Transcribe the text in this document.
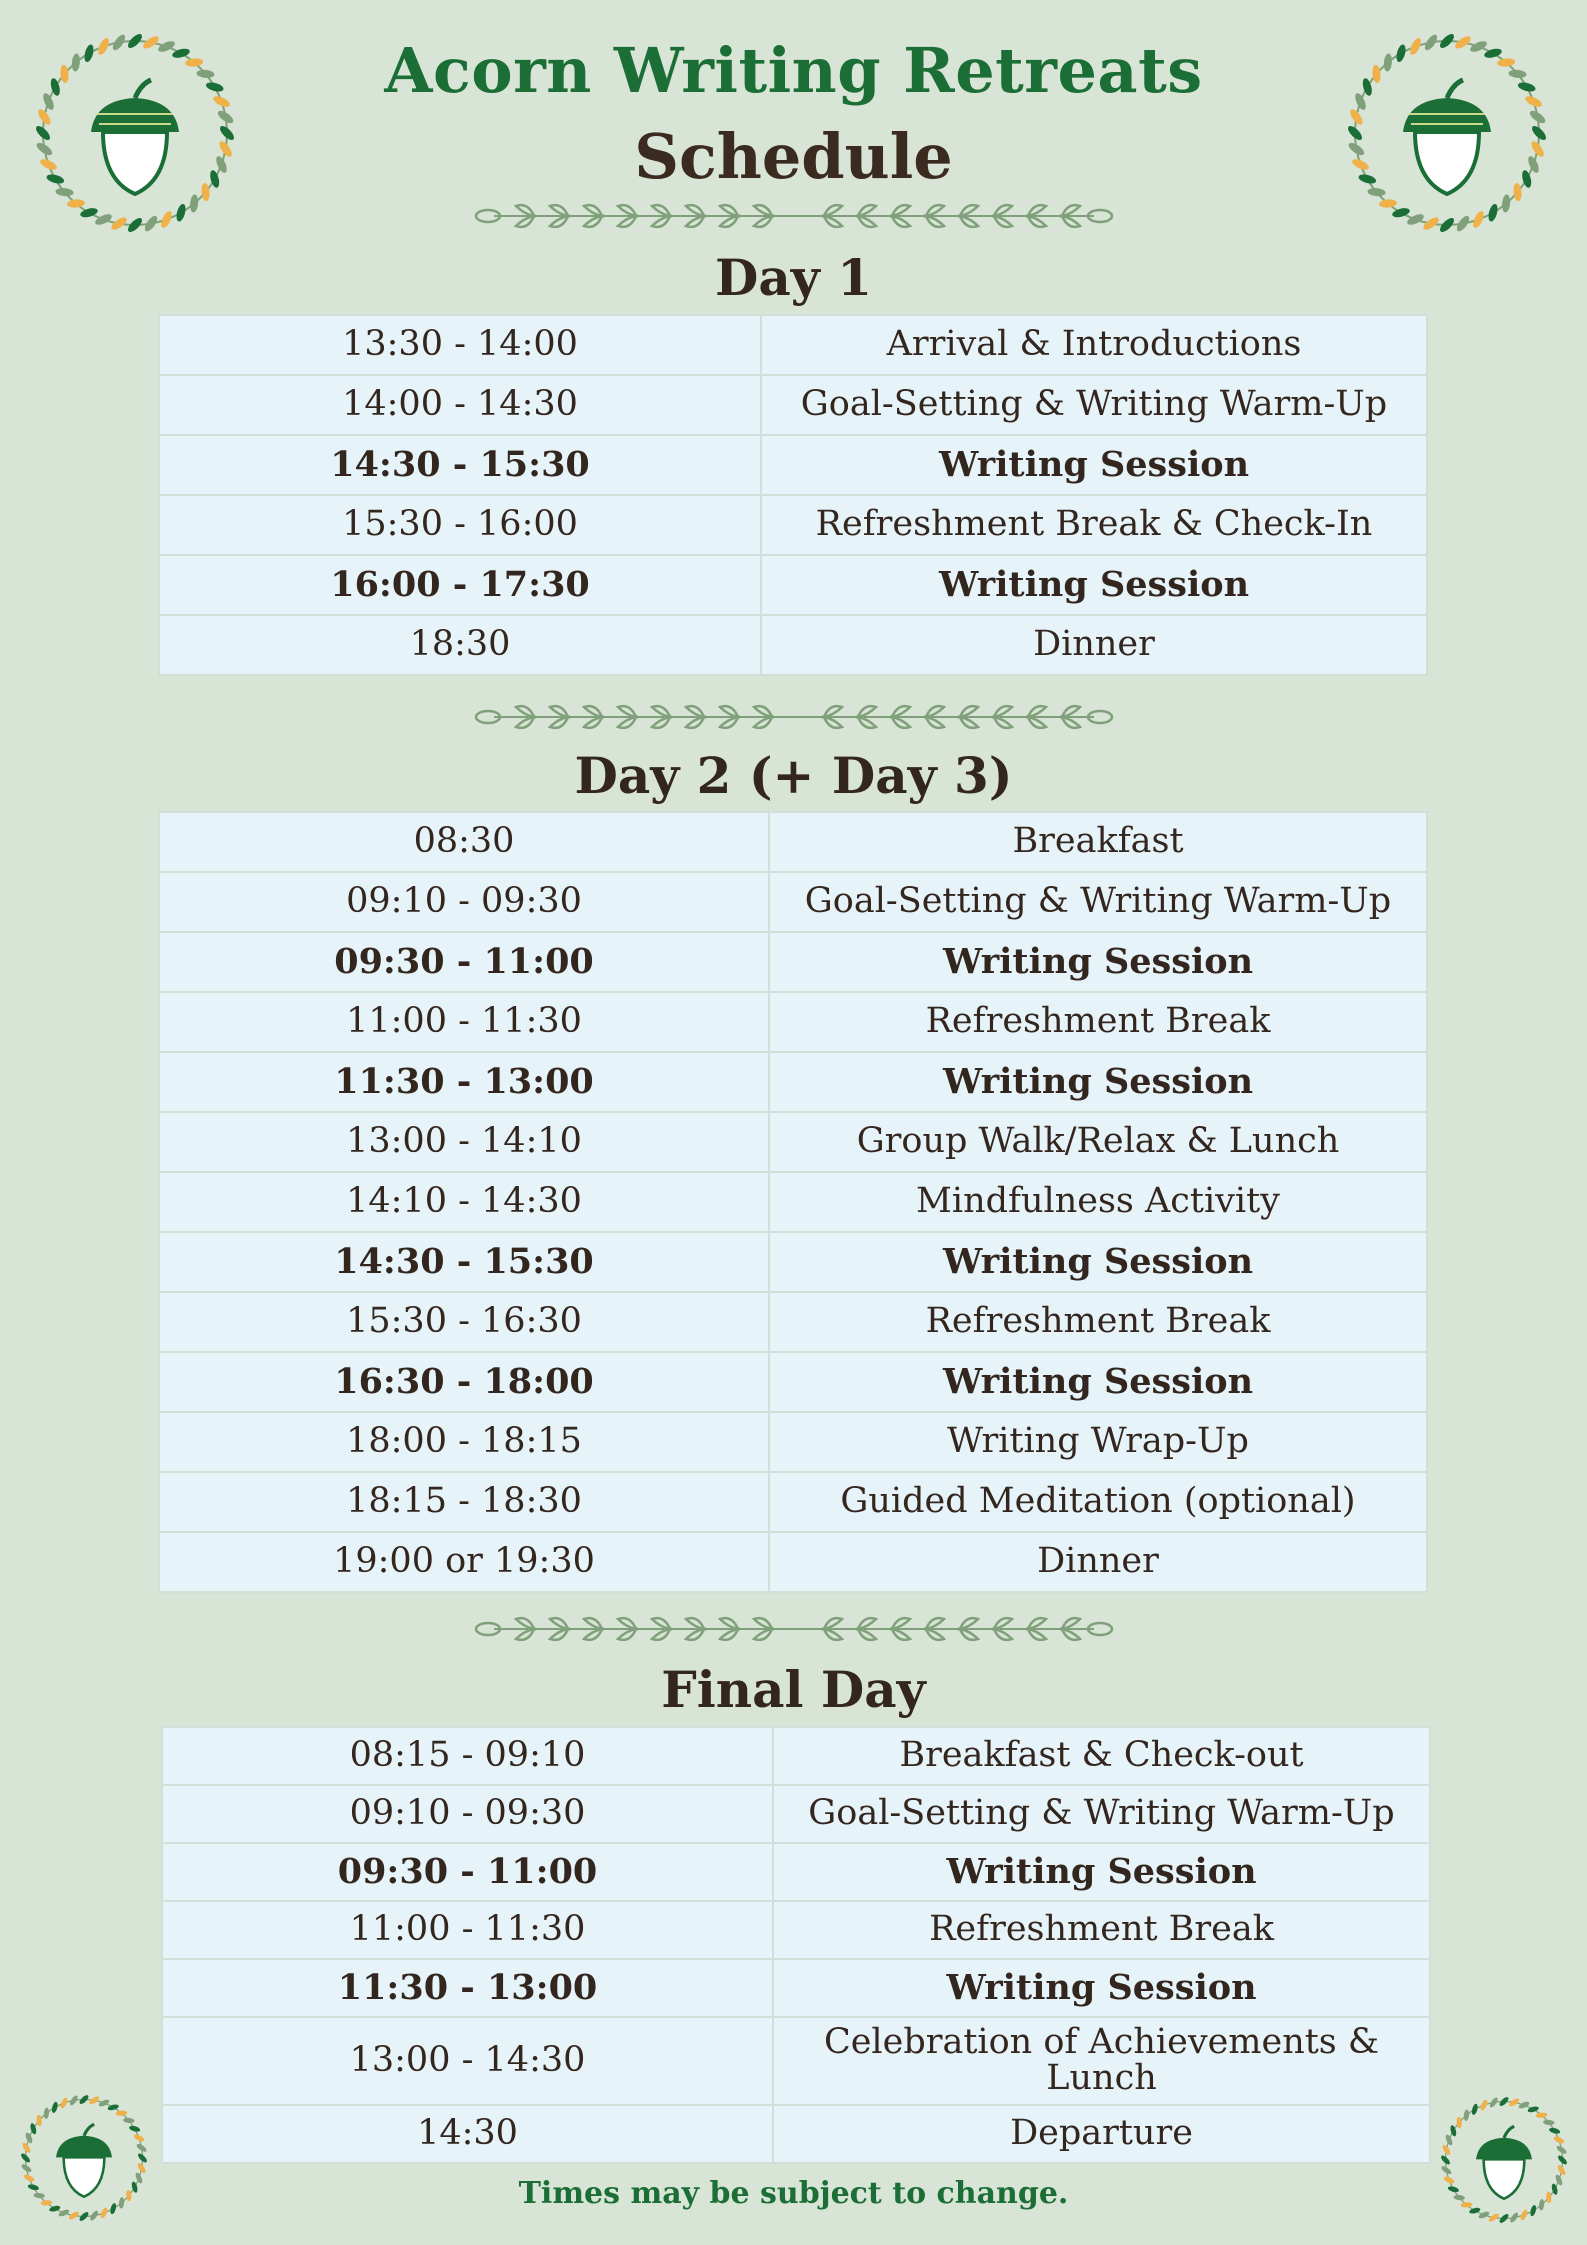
Acorn Writing Retreats
Schedule
Day 1
13:30 - 14:00	Arrival & Introductions
14:00 - 14:30	Goal-Setting & Writing Warm-Up
14:30 - 15:30	Writing Session
15:30 - 16:00	Refreshment Break & Check-In
16:00 - 17:30	Writing Session
18:30	Dinner
Day 2 (+ Day 3)
08:30	Breakfast
09:10 - 09:30	Goal-Setting & Writing Warm-Up
09:30 - 11:00	Writing Session
11:00 - 11:30	Refreshment Break
11:30 - 13:00	Writing Session
13:00 - 14:10	Group Walk/Relax & Lunch
14:10 - 14:30	Mindfulness Activity
14:30 - 15:30	Writing Session
15:30 - 16:30	Refreshment Break
16:30 - 18:00	Writing Session
18:00 - 18:15	Writing Wrap-Up
18:15 - 18:30	Guided Meditation (optional)
19:00 or 19:30	Dinner
Final Day
08:15 - 09:10	Breakfast & Check-out
09:10 - 09:30	Goal-Setting & Writing Warm-Up
09:30 - 11:00	Writing Session
11:00 - 11:30	Refreshment Break
11:30 - 13:00	Writing Session
13:00 - 14:30	Celebration of Achievements & Lunch
14:30	Departure
Times may be subject to change.
